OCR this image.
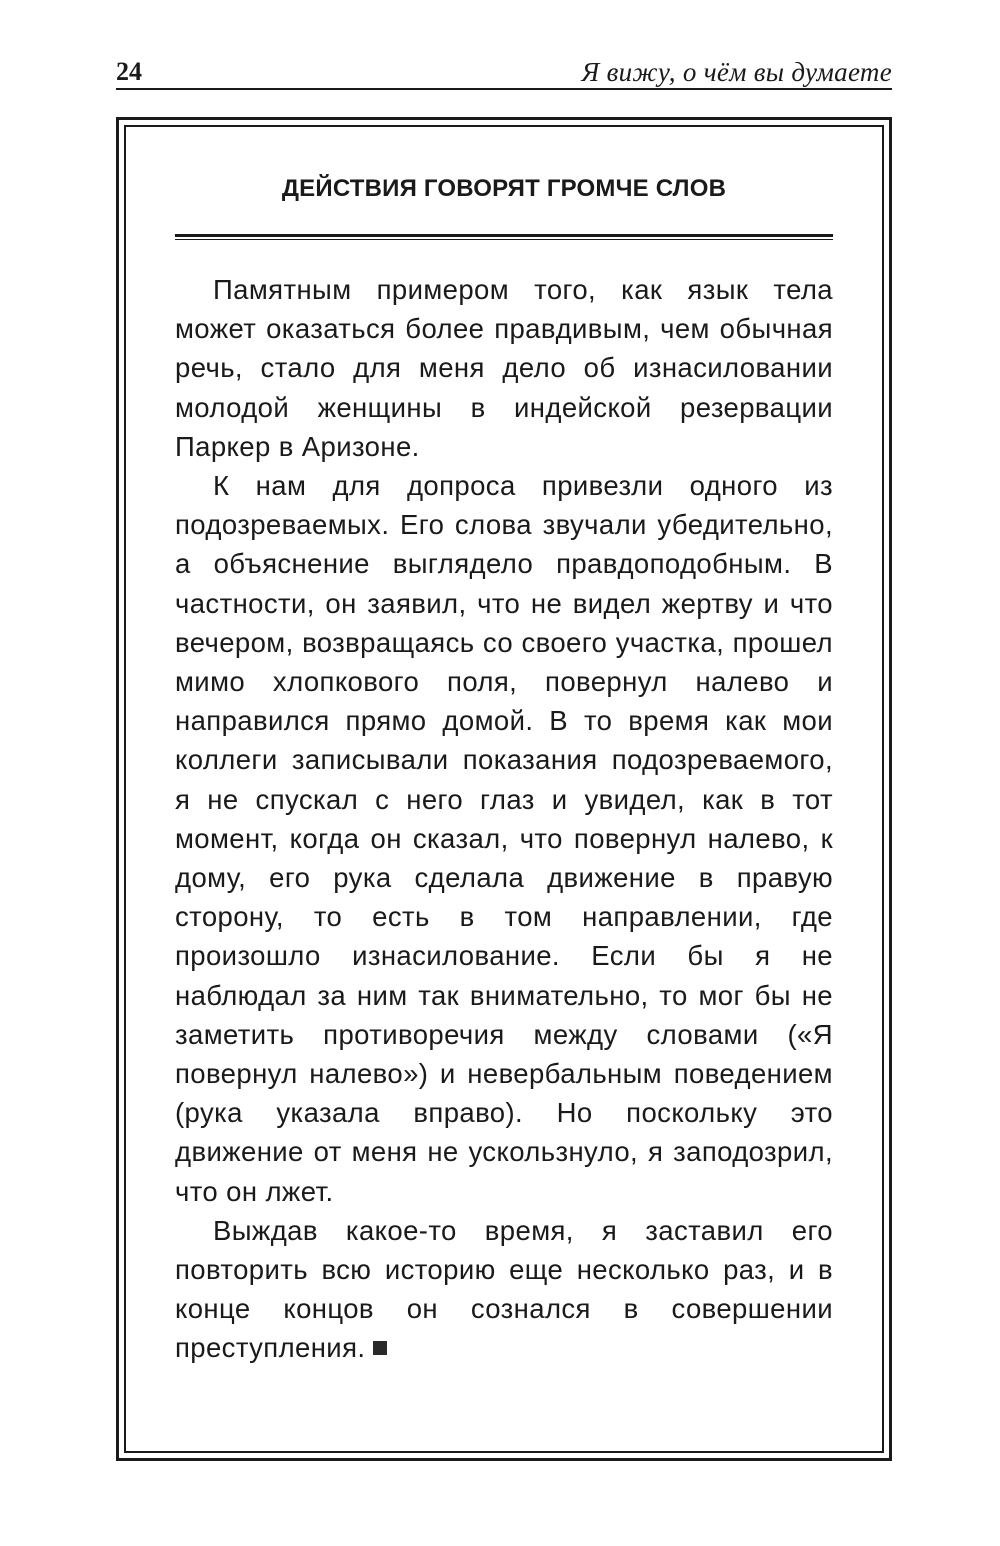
24	Я вижу, о чём вы думаете
ДЕЙСТВИЯ ГОВОРЯТ ГРОМЧЕ СЛОВ

Памятным примером того, как язык тела может оказаться более правдивым, чем обычная речь, стало для меня дело об изнасиловании молодой женщины в индейской резервации Паркер в Аризоне.

К нам для допроса привезли одного из подозреваемых. Его слова звучали убедительно, а объяснение выглядело правдоподобным. В частности, он заявил, что не видел жертву и что вечером, возвращаясь со своего участка, прошел мимо хлопкового поля, повернул налево и направился прямо домой. В то время как мои коллеги записывали показания подозреваемого, я не спускал с него глаз и увидел, как в тот момент, когда он сказал, что повернул налево, к дому, его рука сделала движение в правую сторону, то есть в том направлении, где произошло изнасилование. Если бы я не наблюдал за ним так внимательно, то мог бы не заметить противоречия между словами («Я повернул налево») и невербальным поведением (рука указала вправо). Но поскольку это движение от меня не ускользнуло, я заподозрил, что он лжет.

Выждав какое-то время, я заставил его повторить всю историю еще несколько раз, и в конце концов он сознался в совершении преступления.
